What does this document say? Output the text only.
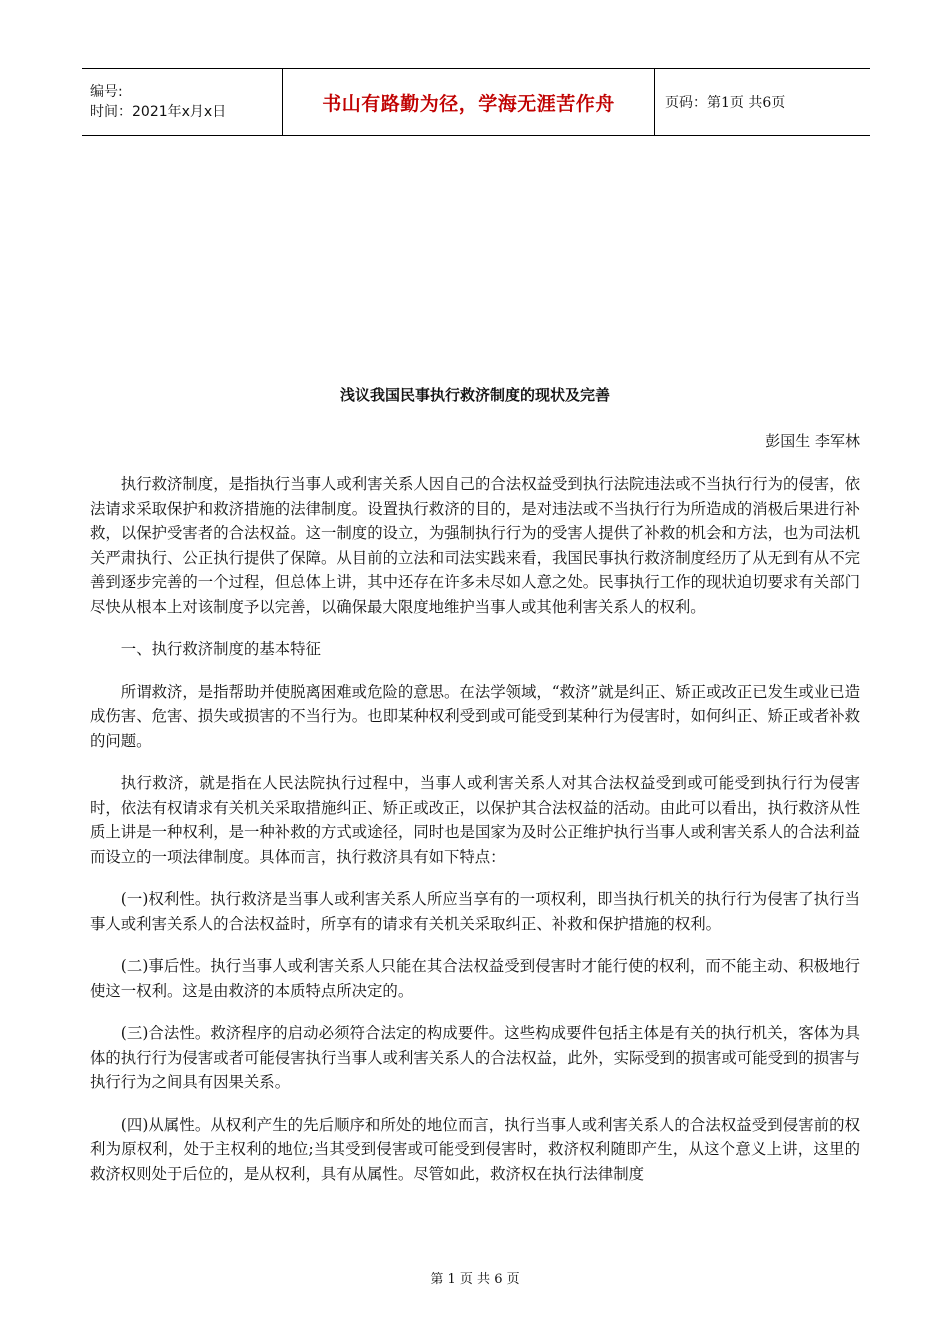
编号:
时间：2021年x月x日	书山有路勤为径，学海无涯苦作舟	页码：第1页 共6页
浅议我国民事执行救济制度的现状及完善
彭国生 李军林

执行救济制度，是指执行当事人或利害关系人因自己的合法权益受到执行法院违法或不当执行行为的侵害，依法请求采取保护和救济措施的法律制度。设置执行救济的目的，是对违法或不当执行行为所造成的消极后果进行补救，以保护受害者的合法权益。这一制度的设立，为强制执行行为的受害人提供了补救的机会和方法，也为司法机关严肃执行、公正执行提供了保障。从目前的立法和司法实践来看，我国民事执行救济制度经历了从无到有从不完善到逐步完善的一个过程，但总体上讲，其中还存在许多未尽如人意之处。民事执行工作的现状迫切要求有关部门尽快从根本上对该制度予以完善，以确保最大限度地维护当事人或其他利害关系人的权利。

一、执行救济制度的基本特征

所谓救济，是指帮助并使脱离困难或危险的意思。在法学领域，“救济”就是纠正、矫正或改正已发生或业已造成伤害、危害、损失或损害的不当行为。也即某种权利受到或可能受到某种行为侵害时，如何纠正、矫正或者补救的问题。

执行救济，就是指在人民法院执行过程中，当事人或利害关系人对其合法权益受到或可能受到执行行为侵害时，依法有权请求有关机关采取措施纠正、矫正或改正，以保护其合法权益的活动。由此可以看出，执行救济从性质上讲是一种权利，是一种补救的方式或途径，同时也是国家为及时公正维护执行当事人或利害关系人的合法利益而设立的一项法律制度。具体而言，执行救济具有如下特点：

(一)权利性。执行救济是当事人或利害关系人所应当享有的一项权利，即当执行机关的执行行为侵害了执行当事人或利害关系人的合法权益时，所享有的请求有关机关采取纠正、补救和保护措施的权利。

(二)事后性。执行当事人或利害关系人只能在其合法权益受到侵害时才能行使的权利，而不能主动、积极地行使这一权利。这是由救济的本质特点所决定的。

(三)合法性。救济程序的启动必须符合法定的构成要件。这些构成要件包括主体是有关的执行机关，客体为具体的执行行为侵害或者可能侵害执行当事人或利害关系人的合法权益，此外，实际受到的损害或可能受到的损害与执行行为之间具有因果关系。

(四)从属性。从权利产生的先后顺序和所处的地位而言，执行当事人或利害关系人的合法权益受到侵害前的权利为原权利，处于主权利的地位;当其受到侵害或可能受到侵害时，救济权利随即产生，从这个意义上讲，这里的救济权则处于后位的，是从权利，具有从属性。尽管如此，救济权在执行法律制度

第 1 页 共 6 页
